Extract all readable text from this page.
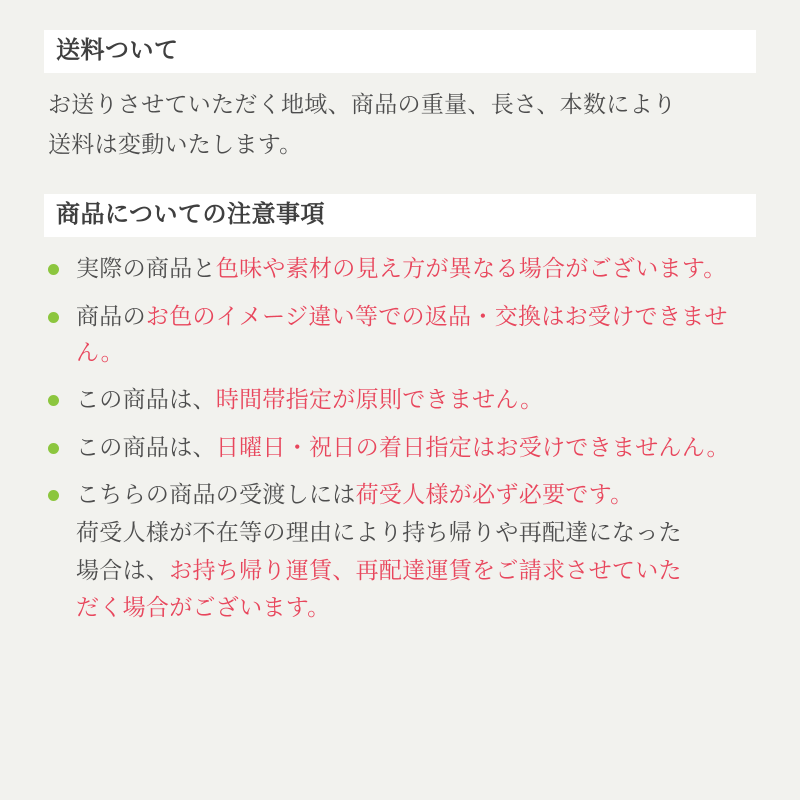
送料ついて

お送りさせていただく地域、商品の重量、長さ、本数により

送料は変動いたします。

商品についての注意事項
実際の商品と色味や素材の見え方が異なる場合がございます。
商品のお色のイメージ違い等での返品・交換はお受けできません。
この商品は、時間帯指定が原則できません。
この商品は、日曜日・祝日の着日指定はお受けできませんん。
こちらの商品の受渡しには荷受人様が必ず必要です。
荷受人様が不在等の理由により持ち帰りや再配達になった
場合は、お持ち帰り運賃、再配達運賃をご請求させていた
だく場合がございます。
